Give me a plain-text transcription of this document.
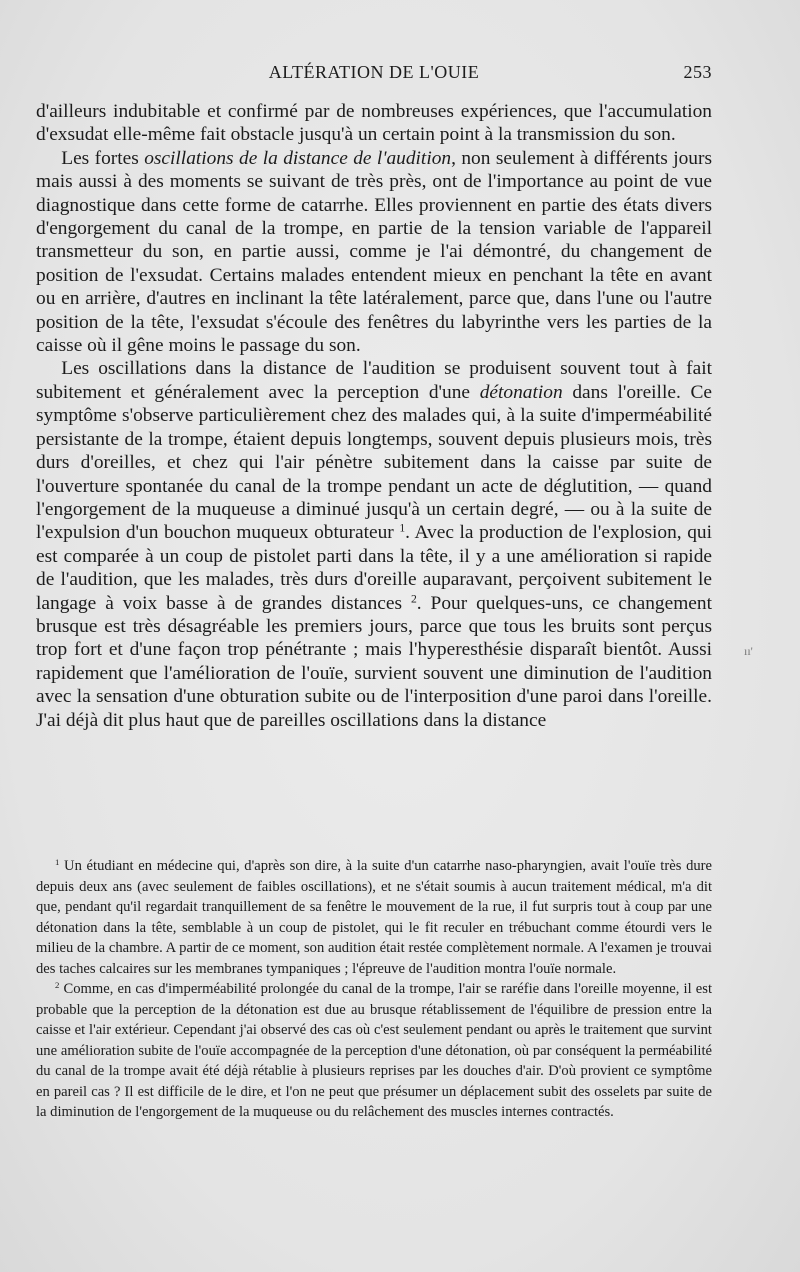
ALTÉRATION DE L'OUIE	253

d'ailleurs indubitable et confirmé par de nombreuses expériences, que l'accumulation d'exsudat elle-même fait obstacle jusqu'à un certain point à la transmission du son.

Les fortes oscillations de la distance de l'audition, non seulement à différents jours mais aussi à des moments se suivant de très près, ont de l'importance au point de vue diagnostique dans cette forme de catarrhe. Elles proviennent en partie des états divers d'engorgement du canal de la trompe, en partie de la tension variable de l'appareil transmetteur du son, en partie aussi, comme je l'ai démontré, du changement de position de l'exsudat. Certains malades entendent mieux en penchant la tête en avant ou en arrière, d'autres en inclinant la tête latéralement, parce que, dans l'une ou l'autre position de la tête, l'exsudat s'écoule des fenêtres du labyrinthe vers les parties de la caisse où il gêne moins le passage du son.

Les oscillations dans la distance de l'audition se produisent souvent tout à fait subitement et généralement avec la perception d'une détonation dans l'oreille. Ce symptôme s'observe particulièrement chez des malades qui, à la suite d'imperméabilité persistante de la trompe, étaient depuis longtemps, souvent depuis plusieurs mois, très durs d'oreilles, et chez qui l'air pénètre subitement dans la caisse par suite de l'ouverture spontanée du canal de la trompe pendant un acte de déglutition, — quand l'engorgement de la muqueuse a diminué jusqu'à un certain degré, — ou à la suite de l'expulsion d'un bouchon muqueux obturateur $^1$. Avec la production de l'explosion, qui est comparée à un coup de pistolet parti dans la tête, il y a une amélioration si rapide de l'audition, que les malades, très durs d'oreille auparavant, perçoivent subitement le langage à voix basse à de grandes distances $^2$. Pour quelques-uns, ce changement brusque est très désagréable les premiers jours, parce que tous les bruits sont perçus trop fort et d'une façon trop pénétrante ; mais l'hyperesthésie disparaît bientôt. Aussi rapidement que l'amélioration de l'ouïe, survient souvent une diminution de l'audition avec la sensation d'une obturation subite ou de l'interposition d'une paroi dans l'oreille. J'ai déjà dit plus haut que de pareilles oscillations dans la distance

ıı'

$^1$ Un étudiant en médecine qui, d'après son dire, à la suite d'un catarrhe naso-pharyngien, avait l'ouïe très dure depuis deux ans (avec seulement de faibles oscillations), et ne s'était soumis à aucun traitement médical, m'a dit que, pendant qu'il regardait tranquillement de sa fenêtre le mouvement de la rue, il fut surpris tout à coup par une détonation dans la tête, semblable à un coup de pistolet, qui le fit reculer en trébuchant comme étourdi vers le milieu de la chambre. A partir de ce moment, son audition était restée complètement normale. A l'examen je trouvai des taches calcaires sur les membranes tympaniques ; l'épreuve de l'audition montra l'ouïe normale.

$^2$ Comme, en cas d'imperméabilité prolongée du canal de la trompe, l'air se raréfie dans l'oreille moyenne, il est probable que la perception de la détonation est due au brusque rétablissement de l'équilibre de pression entre la caisse et l'air extérieur. Cependant j'ai observé des cas où c'est seulement pendant ou après le traitement que survint une amélioration subite de l'ouïe accompagnée de la perception d'une détonation, où par conséquent la perméabilité du canal de la trompe avait été déjà rétablie à plusieurs reprises par les douches d'air. D'où provient ce symptôme en pareil cas ? Il est difficile de le dire, et l'on ne peut que présumer un déplacement subit des osselets par suite de la diminution de l'engorgement de la muqueuse ou du relâchement des muscles internes contractés.
